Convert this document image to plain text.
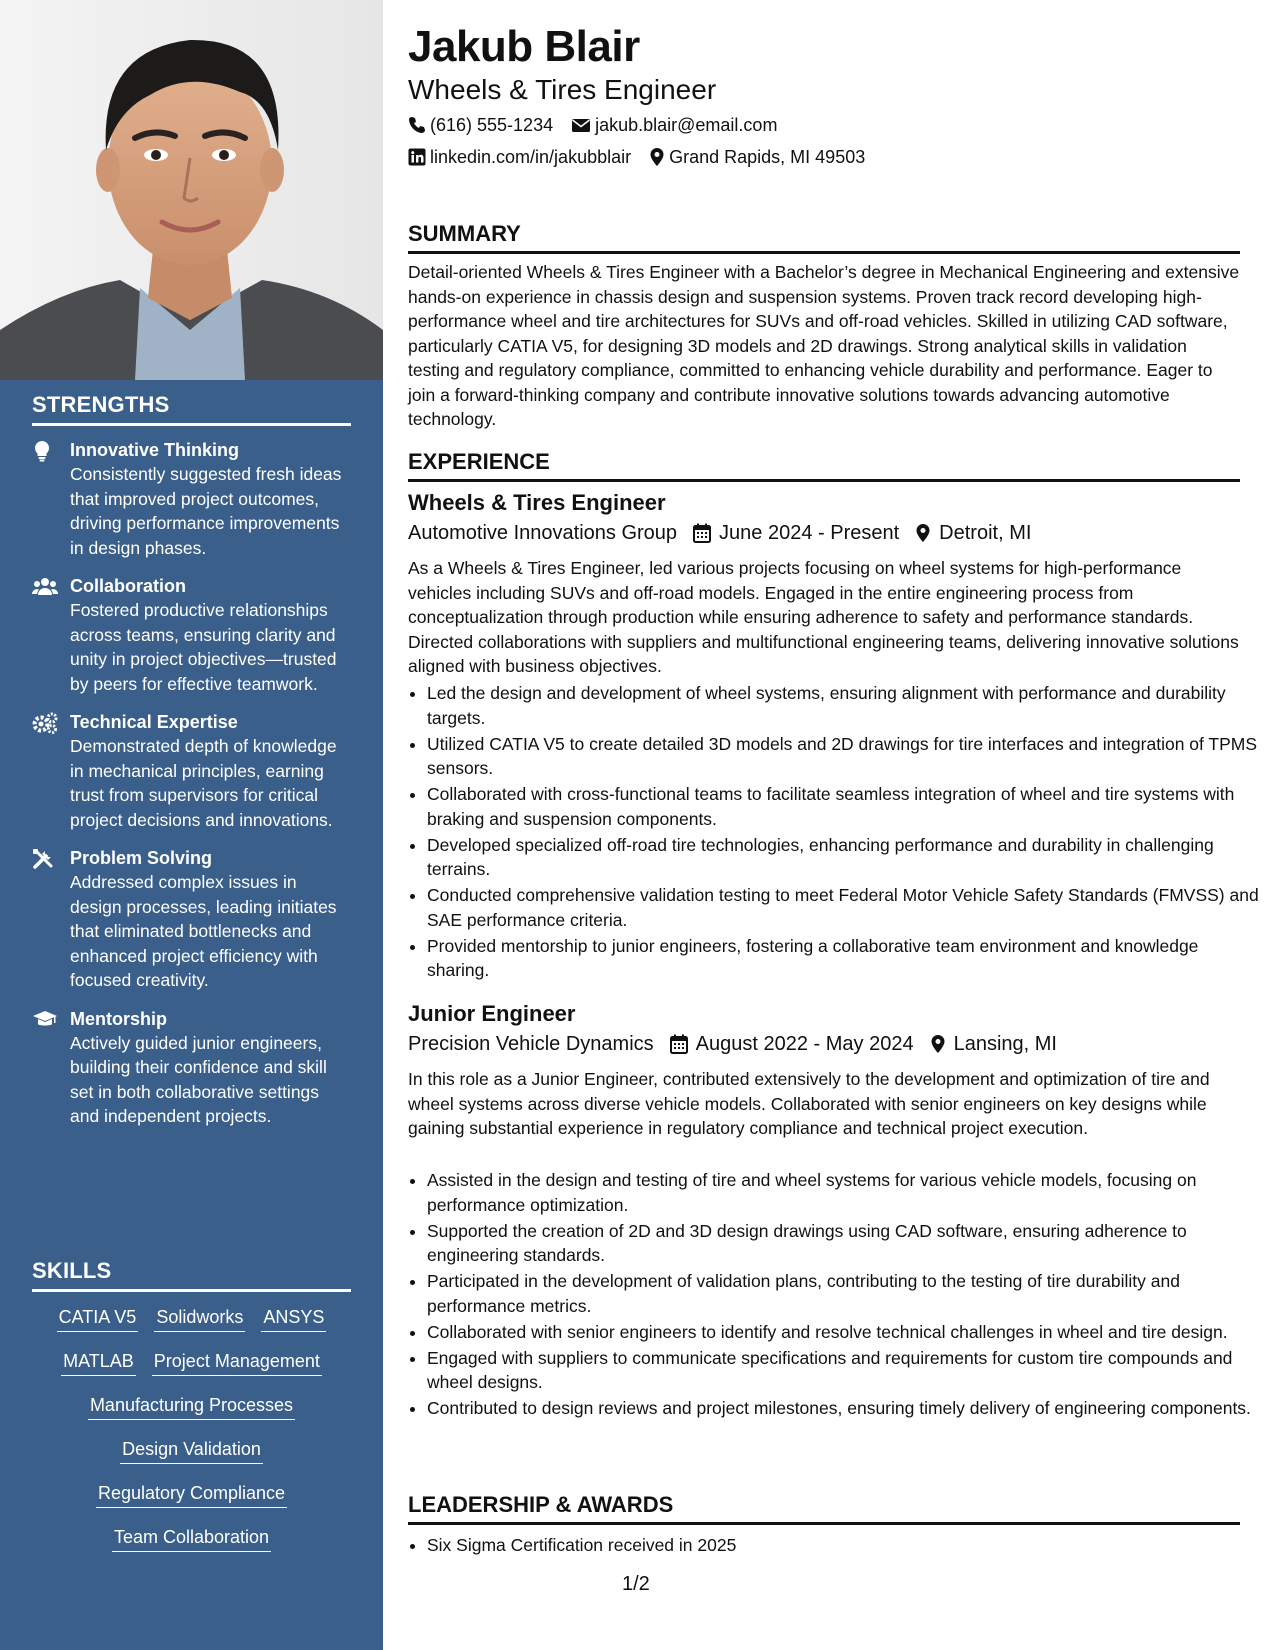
STRENGTHS
Innovative Thinking
Consistently suggested fresh ideas that improved project outcomes, driving performance improvements in design phases.
Collaboration
Fostered productive relationships across teams, ensuring clarity and unity in project objectives—trusted by peers for effective teamwork.
Technical Expertise
Demonstrated depth of knowledge in mechanical principles, earning trust from supervisors for critical project decisions and innovations.
Problem Solving
Addressed complex issues in design processes, leading initiates that eliminated bottlenecks and enhanced project efficiency with focused creativity.
Mentorship
Actively guided junior engineers, building their confidence and skill set in both collaborative settings and independent projects.
SKILLS
CATIA V5 Solidworks ANSYS
MATLAB Project Management
Manufacturing Processes
Design Validation
Regulatory Compliance
Team Collaboration
Jakub Blair
Wheels & Tires Engineer
(616) 555-1234 jakub.blair@email.com
linkedin.com/in/jakubblair Grand Rapids, MI 49503
SUMMARY
Detail-oriented Wheels & Tires Engineer with a Bachelor’s degree in Mechanical Engineering and extensive hands-on experience in chassis design and suspension systems. Proven track record developing high-performance wheel and tire architectures for SUVs and off-road vehicles. Skilled in utilizing CAD software, particularly CATIA V5, for designing 3D models and 2D drawings. Strong analytical skills in validation testing and regulatory compliance, committed to enhancing vehicle durability and performance. Eager to join a forward-thinking company and contribute innovative solutions towards advancing automotive technology.
EXPERIENCE
Wheels & Tires Engineer
Automotive Innovations Group June 2024 - Present Detroit, MI
As a Wheels & Tires Engineer, led various projects focusing on wheel systems for high-performance vehicles including SUVs and off-road models. Engaged in the entire engineering process from conceptualization through production while ensuring adherence to safety and performance standards. Directed collaborations with suppliers and multifunctional engineering teams, delivering innovative solutions aligned with business objectives.
• Led the design and development of wheel systems, ensuring alignment with performance and durability targets.
• Utilized CATIA V5 to create detailed 3D models and 2D drawings for tire interfaces and integration of TPMS sensors.
• Collaborated with cross-functional teams to facilitate seamless integration of wheel and tire systems with braking and suspension components.
• Developed specialized off-road tire technologies, enhancing performance and durability in challenging terrains.
• Conducted comprehensive validation testing to meet Federal Motor Vehicle Safety Standards (FMVSS) and SAE performance criteria.
• Provided mentorship to junior engineers, fostering a collaborative team environment and knowledge sharing.
Junior Engineer
Precision Vehicle Dynamics August 2022 - May 2024 Lansing, MI
In this role as a Junior Engineer, contributed extensively to the development and optimization of tire and wheel systems across diverse vehicle models. Collaborated with senior engineers on key designs while gaining substantial experience in regulatory compliance and technical project execution.
• Assisted in the design and testing of tire and wheel systems for various vehicle models, focusing on performance optimization.
• Supported the creation of 2D and 3D design drawings using CAD software, ensuring adherence to engineering standards.
• Participated in the development of validation plans, contributing to the testing of tire durability and performance metrics.
• Collaborated with senior engineers to identify and resolve technical challenges in wheel and tire design.
• Engaged with suppliers to communicate specifications and requirements for custom tire compounds and wheel designs.
• Contributed to design reviews and project milestones, ensuring timely delivery of engineering components.
LEADERSHIP & AWARDS
• Six Sigma Certification received in 2025
1/2
